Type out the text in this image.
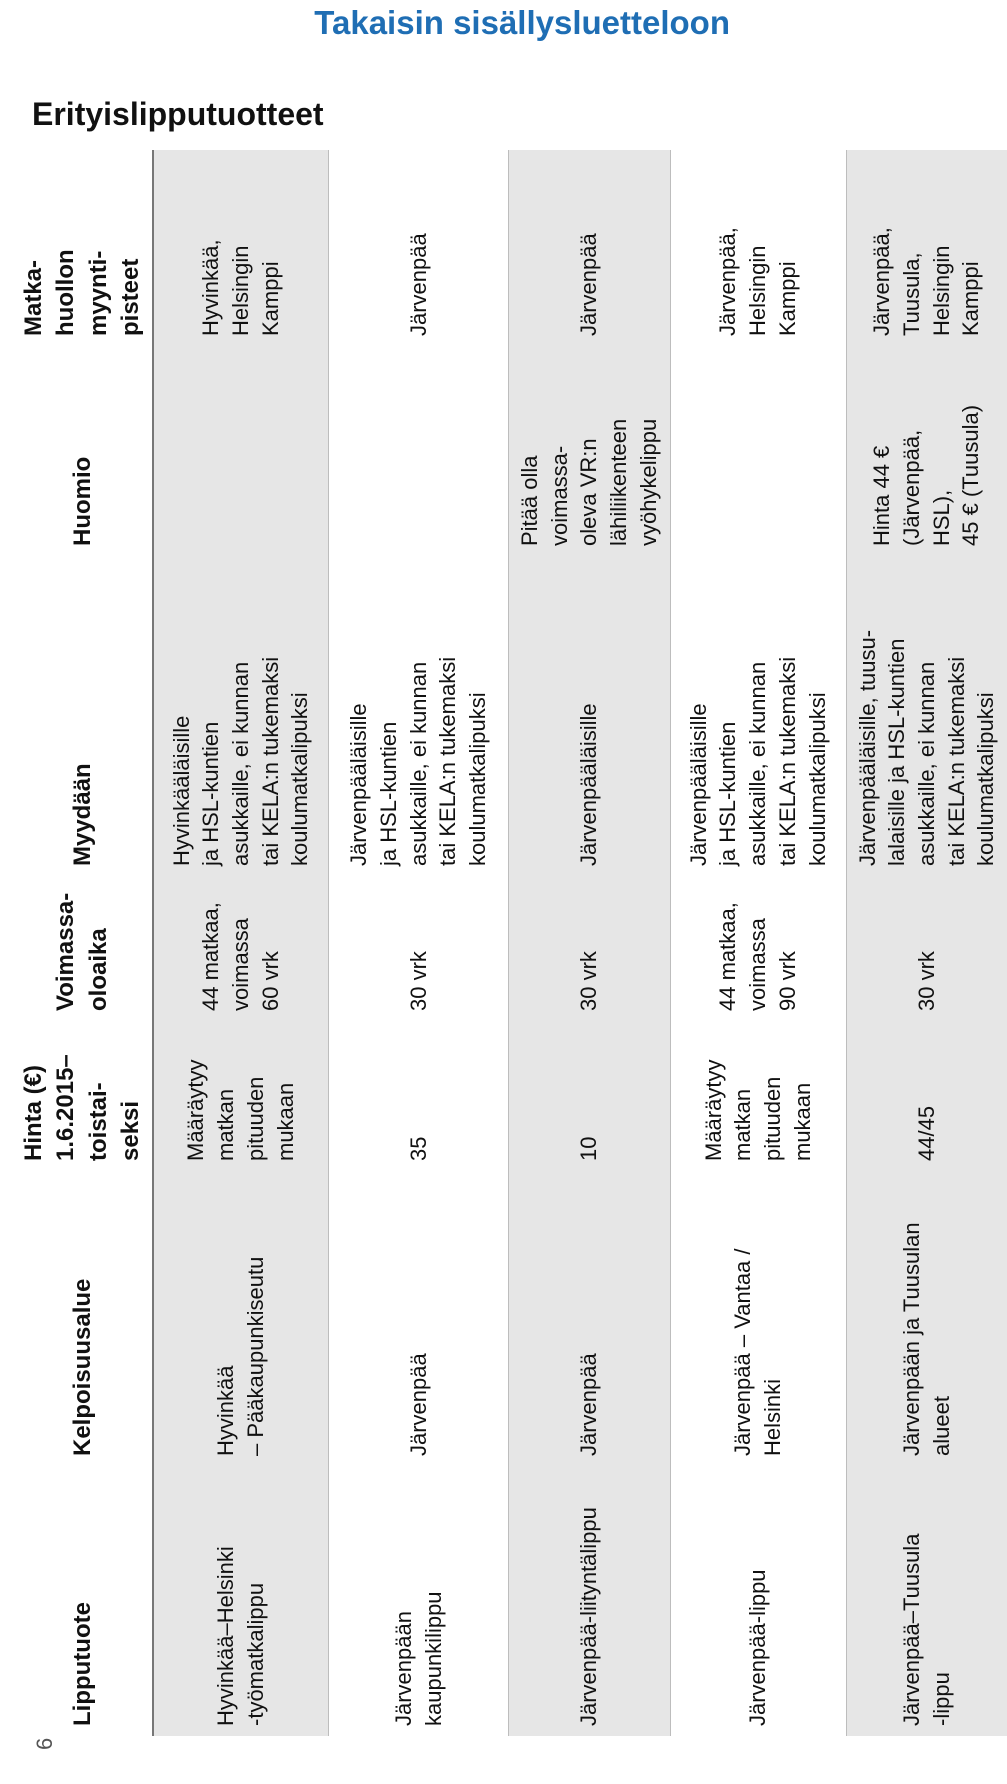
Takaisin sisällysluetteloon
Erityislipputuotteet
6
Lipputuote	Kelpoisuusalue	Hinta (€)
1.6.2015–
toistai-
seksi	Voimassa-
oloaika	Myydään	Huomio	Matka-
huollon
myynti-
pisteet
Hyvinkää–Helsinki
-työmatkalippu	Hyvinkää
– Pääkaupunkiseutu	Määräytyy
matkan
pituuden
mukaan	44 matkaa,
voimassa
60 vrk	Hyvinkääläisille
ja HSL-kuntien
asukkaille, ei kunnan
tai KELA:n tukemaksi
koulumatkalipuksi		Hyvinkää,
Helsingin
Kamppi
Järvenpään
kaupunkilippu	Järvenpää	35	30 vrk	Järvenpääläisille
ja HSL-kuntien
asukkaille, ei kunnan
tai KELA:n tukemaksi
koulumatkalipuksi		Järvenpää
Järvenpää-liityntälippu	Järvenpää	10	30 vrk	Järvenpääläisille	Pitää olla
voimassa-
oleva VR:n
lähiliikenteen
vyöhykelippu	Järvenpää
Järvenpää-lippu	Järvenpää – Vantaa /
Helsinki	Määräytyy
matkan
pituuden
mukaan	44 matkaa,
voimassa
90 vrk	Järvenpääläisille
ja HSL-kuntien
asukkaille, ei kunnan
tai KELA:n tukemaksi
koulumatkalipuksi		Järvenpää,
Helsingin
Kamppi
Järvenpää–Tuusula
-lippu	Järvenpään ja Tuusulan
alueet	44/45	30 vrk	Järvenpääläisille, tuusu-
lalaisille ja HSL-kuntien
asukkaille, ei kunnan
tai KELA:n tukemaksi
koulumatkalipuksi	Hinta 44 €
(Järvenpää,
HSL),
45 € (Tuusula)	Järvenpää,
Tuusula,
Helsingin
Kamppi
